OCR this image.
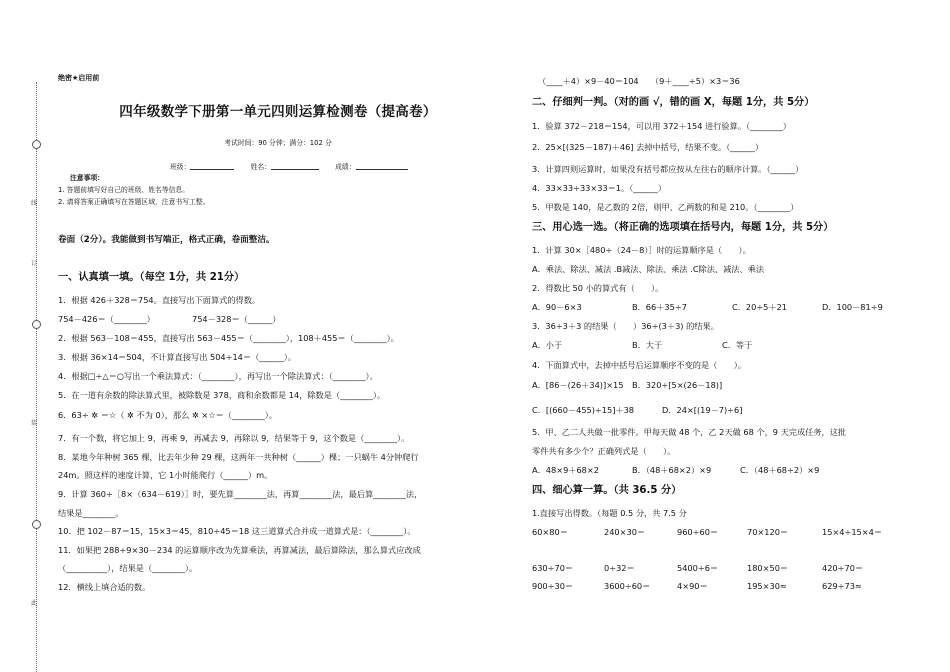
线
订
装
此
绝密★启用前
四年级数学下册第一单元四则运算检测卷（提高卷）
考试时间：90 分钟；满分：102 分
班级：	姓名：	成绩：
注意事项：
1. 答题前填写好自己的班级、姓名等信息。
2. 请将答案正确填写在答题区域，注意书写工整。
卷面（2分）。我能做到书写端正，格式正确，卷面整洁。
一、认真填一填。（每空 1分，共 21分）
1．根据 426＋328＝754。直接写出下面算式的得数。
754－426＝（________）	754－328＝（______）
2．根据 563－108＝455，直接写出 563－455＝（________），108＋455＝（________）。
3．根据 36×14＝504，不计算直接写出 504÷14＝（______）。
4．根据□÷△＝○写出一个乘法算式：（________），再写出一个除法算式：（________）。
5．在一道有余数的除法算式里，被除数是 378，商和余数都是 14，除数是（________）。
6．63÷ ✲ ＝☆（ ✲ 不为 0），那么 ✲ ×☆＝（________）。
7．有一个数，将它加上 9，再乘 9，再减去 9，再除以 9，结果等于 9，这个数是（________）。
8．某地今年种树 365 棵，比去年少种 29 棵，这两年一共种树（______）棵；一只蜗牛 4分钟爬行
24m。照这样的速度计算，它 1小时能爬行（______）m。
9．计算 360÷［8×（634－619）］时，要先算________法，再算________法，最后算________法，
结果是________。
10．把 102－87＝15，15×3＝45，810÷45＝18 这三道算式合并成一道算式是：（________）。
11．如果把 288÷9×30－234 的运算顺序改为先算乘法，再算减法，最后算除法，那么算式应改成
（__________），结果是（________）。
12．横线上填合适的数。
（____＋4）×9－40＝104　　（9＋____÷5）×3＝36
二、仔细判一判。（对的画 √，错的画 X，每题 1分，共 5分）
1．验算 372－218＝154，可以用 372＋154 进行验算。（________）
2．25×[(325－187)＋46] 去掉中括号，结果不变。（______）
3．计算四则运算时，如果没有括号都应按从左往右的顺序计算。（______）
4．33×33÷33×33＝1。（______）
5．甲数是 140，是乙数的 2倍，则甲、乙两数的和是 210。（________）
三、用心选一选。（将正确的选项填在括号内，每题 1分，共 5分）
1．计算 30×［480÷（24－8）］时的运算顺序是（　　）。
A．乘法、除法、减法 .B减法、除法、乘法 .C除法、减法、乘法
2．得数比 50 小的算式有（　　）。
A．90－6×3	B．66＋35÷7	C．20÷5＋21	D．100－81÷9
3．36÷3＋3 的结果（　　）36÷(3＋3) 的结果。
A．小于	B．大于	C．等于
4．下面算式中，去掉中括号后运算顺序不变的是（　　）。
A．[86－(26＋34)]×15 B．320÷[5×(26－18)]
C．[(660－455)÷15]＋38	D．24×[(19－7)÷6]
5．甲、乙二人共做一批零件。甲每天做 48 个，乙 2天做 68 个，9 天完成任务，这批
零件共有多少个？正确列式是（　　）。
A．48×9＋68×2	B．（48＋68×2）×9	C．（48＋68÷2）×9
四、细心算一算。（共 36.5 分）
1.直接写出得数。（每题 0.5 分，共 7.5 分
60×80＝	240×30＝	960÷60＝	70×120＝	15×4÷15×4＝
630÷70＝	0÷32＝	5400÷6＝	180×50＝	420÷70＝
900÷30＝	3600÷60＝	4×90＝	195×30≈	629÷73≈
